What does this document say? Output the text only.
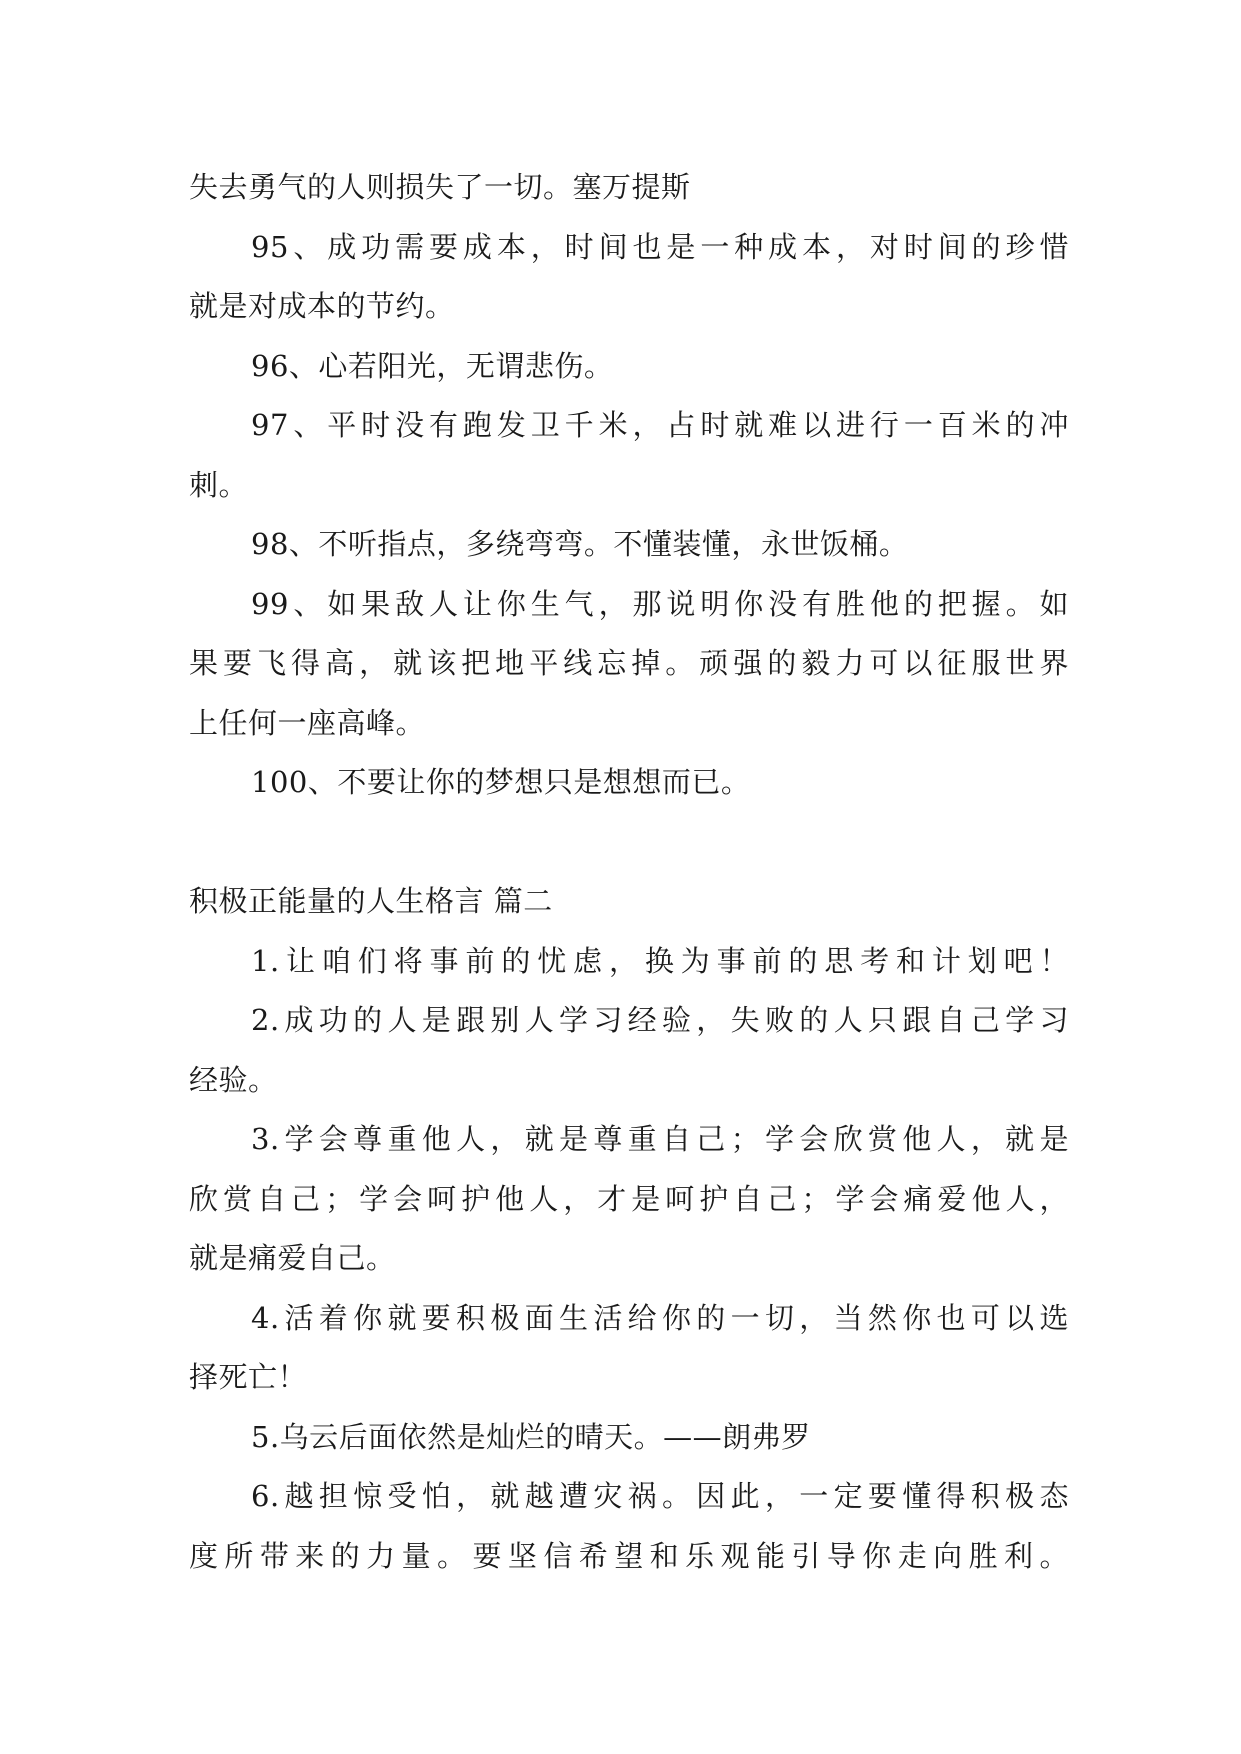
失去勇气的人则损失了一切。塞万提斯

95、成功需要成本，时间也是一种成本，对时间的珍惜

就是对成本的节约。

96、心若阳光，无谓悲伤。

97、平时没有跑发卫千米，占时就难以进行一百米的冲

刺。

98、不听指点，多绕弯弯。不懂装懂，永世饭桶。

99、如果敌人让你生气，那说明你没有胜他的把握。如

果要飞得高，就该把地平线忘掉。顽强的毅力可以征服世界

上任何一座高峰。

100、不要让你的梦想只是想想而已。

积极正能量的人生格言 篇二

1.让咱们将事前的忧虑，换为事前的思考和计划吧！

2.成功的人是跟别人学习经验，失败的人只跟自己学习

经验。

3.学会尊重他人，就是尊重自己；学会欣赏他人，就是

欣赏自己；学会呵护他人，才是呵护自己；学会痛爱他人，

就是痛爱自己。

4.活着你就要积极面生活给你的一切，当然你也可以选

择死亡！

5.乌云后面依然是灿烂的晴天。——朗弗罗

6.越担惊受怕，就越遭灾祸。因此，一定要懂得积极态

度所带来的力量。要坚信希望和乐观能引导你走向胜利。
